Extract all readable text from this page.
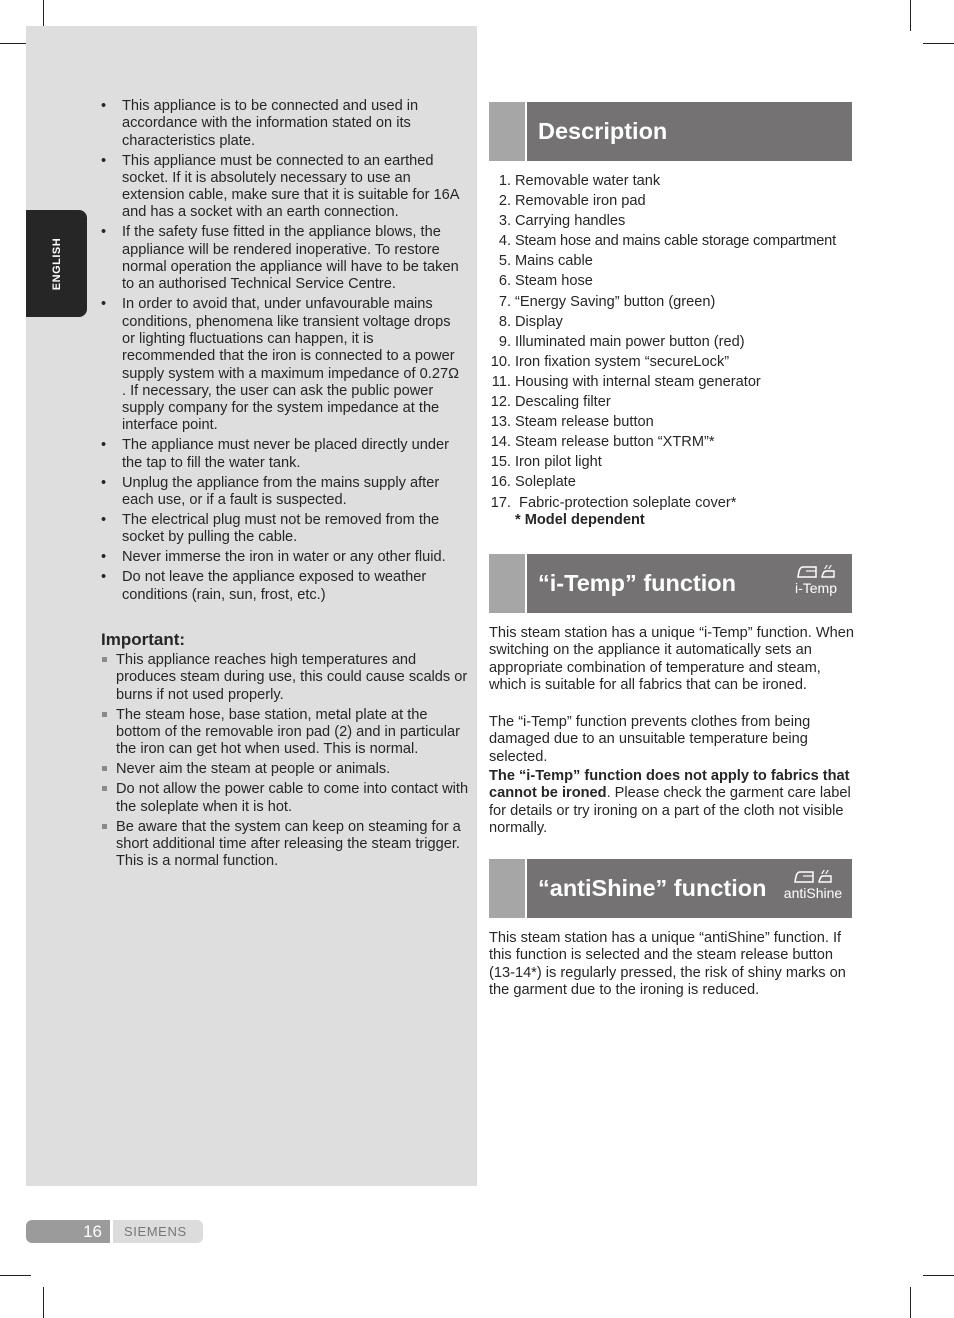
ENGLISH
• This appliance is to be connected and used in accordance with the information stated on its characteristics plate.
• This appliance must be connected to an earthed socket. If it is absolutely necessary to use an extension cable, make sure that it is suitable for 16A and has a socket with an earth connection.
• If the safety fuse fitted in the appliance blows, the appliance will be rendered inoperative. To restore normal operation the appliance will have to be taken to an authorised Technical Service Centre.
• In order to avoid that, under unfavourable mains conditions, phenomena like transient voltage drops or lighting fluctuations can happen, it is recommended that the iron is connected to a power supply system with a maximum impedance of 0.27Ω . If necessary, the user can ask the public power supply company for the system impedance at the interface point.
• The appliance must never be placed directly under the tap to fill the water tank.
• Unplug the appliance from the mains supply after each use, or if a fault is suspected.
• The electrical plug must not be removed from the socket by pulling the cable.
• Never immerse the iron in water or any other fluid.
• Do not leave the appliance exposed to weather conditions (rain, sun, frost, etc.)
Important:
This appliance reaches high temperatures and produces steam during use, this could cause scalds or burns if not used properly.
The steam hose, base station, metal plate at the bottom of the removable iron pad (2) and in particular the iron can get hot when used. This is normal.
Never aim the steam at people or animals.
Do not allow the power cable to come into contact with the soleplate when it is hot.
Be aware that the system can keep on steaming for a short additional time after releasing the steam trigger. This is a normal function.
Description
1. Removable water tank
2. Removable iron pad
3. Carrying handles
4. Steam hose and mains cable storage compartment
5. Mains cable
6. Steam hose
7. “Energy Saving” button (green)
8. Display
9. Illuminated main power button (red)
10. Iron fixation system “secureLock”
11. Housing with internal steam generator
12. Descaling filter
13. Steam release button
14. Steam release button “XTRM”*
15. Iron pilot light
16. Soleplate
17. Fabric-protection soleplate cover*

* Model dependent

“i-Temp” function	i-Temp

This steam station has a unique “i-Temp” function. When switching on the appliance it automatically sets an appropriate combination of temperature and steam, which is suitable for all fabrics that can be ironed.

The “i-Temp” function prevents clothes from being damaged due to an unsuitable temperature being selected.

The “i-Temp” function does not apply to fabrics that cannot be ironed. Please check the garment care label for details or try ironing on a part of the cloth not visible normally.

“antiShine” function	antiShine

This steam station has a unique “antiShine” function. If this function is selected and the steam release button (13-14*) is regularly pressed, the risk of shiny marks on the garment due to the ironing is reduced.

16 SIEMENS
